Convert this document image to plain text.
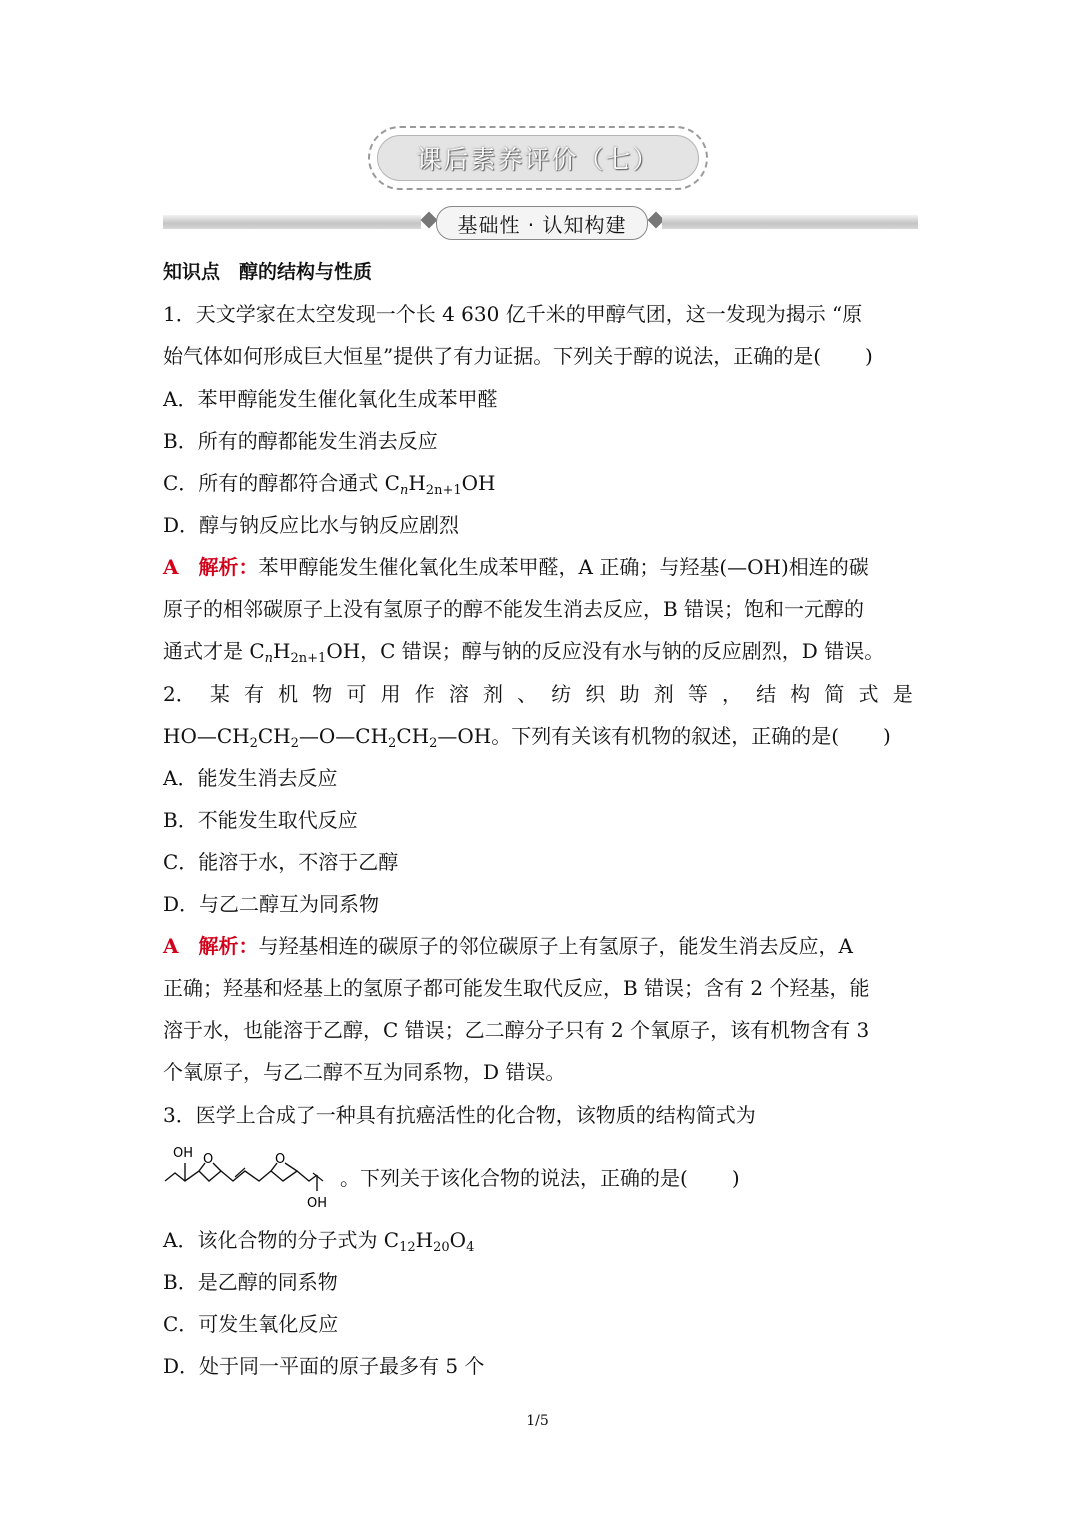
课后素养评价（七）
基础性 · 认知构建
知识点　醇的结构与性质
1．天文学家在太空发现一个长 4 630 亿千米的甲醇气团，这一发现为揭示 “原
始气体如何形成巨大恒星”提供了有力证据。下列关于醇的说法，正确的是( )
A．苯甲醇能发生催化氧化生成苯甲醛
B．所有的醇都能发生消去反应
C．所有的醇都符合通式 $C_nH_{2n+1}OH$
D．醇与钠反应比水与钠反应剧烈
A　 解析：苯甲醇能发生催化氧化生成苯甲醛，A 正确；与羟基(—OH)相连的碳
原子的相邻碳原子上没有氢原子的醇不能发生消去反应，B 错误；饱和一元醇的
通式才是 $C_nH_{2n+1}OH$，C 错误；醇与钠的反应没有水与钠的反应剧烈，D 错误。
2． 某 有 机 物 可 用 作 溶 剂 、 纺 织 助 剂 等 ， 结 构 简 式 是
$HO—CH_2CH_2—O—CH_2CH_2—OH$。下列有关该有机物的叙述，正确的是( )
A．能发生消去反应
B．不能发生取代反应
C．能溶于水，不溶于乙醇
D．与乙二醇互为同系物
A　 解析：与羟基相连的碳原子的邻位碳原子上有氢原子，能发生消去反应，A
正确；羟基和烃基上的氢原子都可能发生取代反应，B 错误；含有 2 个羟基，能
溶于水，也能溶于乙醇，C 错误；乙二醇分子只有 2 个氧原子，该有机物含有 3
个氧原子，与乙二醇不互为同系物，D 错误。
3．医学上合成了一种具有抗癌活性的化合物，该物质的结构简式为
OH O	O
OH
。下列关于该化合物的说法，正确的是( )
A．该化合物的分子式为 $C_{12}H_{20}O_4$
B．是乙醇的同系物
C．可发生氧化反应
D．处于同一平面的原子最多有 5 个
1/5
